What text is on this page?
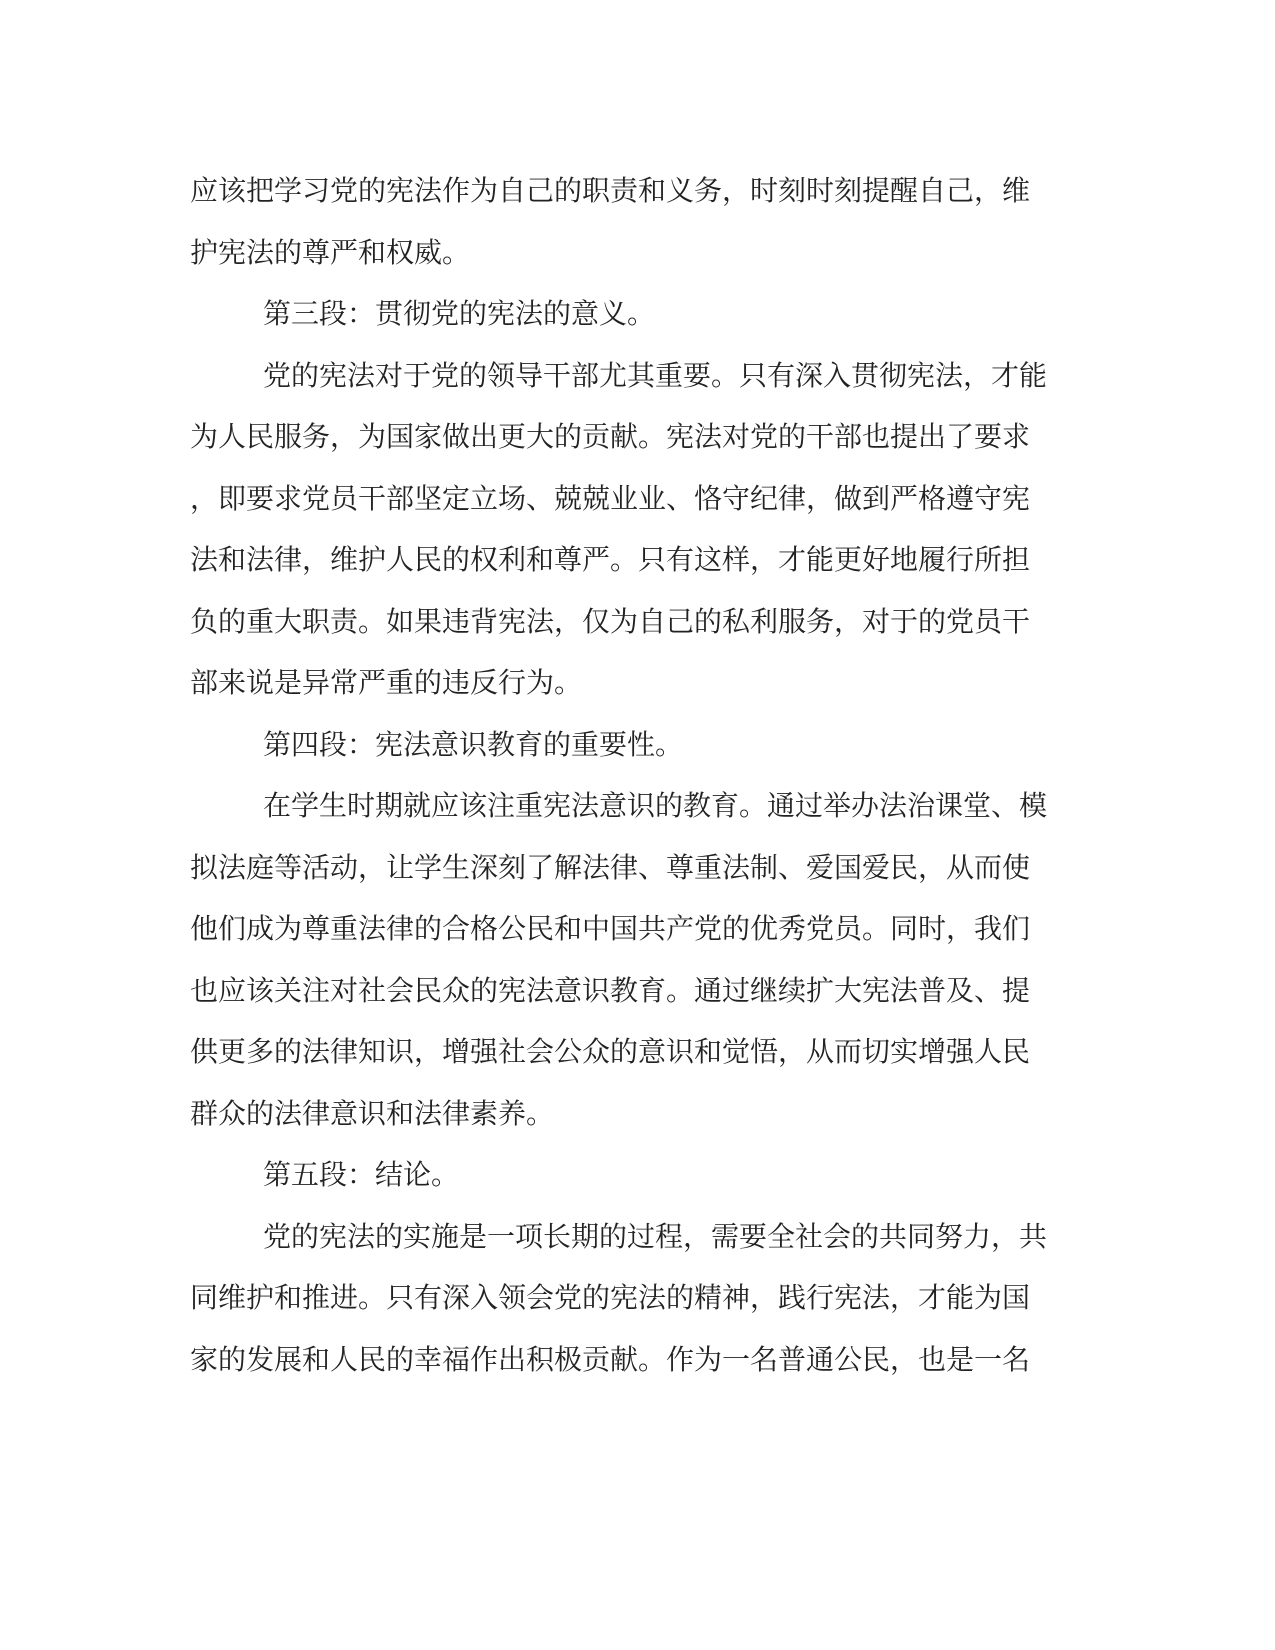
应该把学习党的宪法作为自己的职责和义务，时刻时刻提醒自己，维
护宪法的尊严和权威。
第三段：贯彻党的宪法的意义。
党的宪法对于党的领导干部尤其重要。只有深入贯彻宪法，才能
为人民服务，为国家做出更大的贡献。宪法对党的干部也提出了要求
，即要求党员干部坚定立场、兢兢业业、恪守纪律，做到严格遵守宪
法和法律，维护人民的权利和尊严。只有这样，才能更好地履行所担
负的重大职责。如果违背宪法，仅为自己的私利服务，对于的党员干
部来说是异常严重的违反行为。
第四段：宪法意识教育的重要性。
在学生时期就应该注重宪法意识的教育。通过举办法治课堂、模
拟法庭等活动，让学生深刻了解法律、尊重法制、爱国爱民，从而使
他们成为尊重法律的合格公民和中国共产党的优秀党员。同时，我们
也应该关注对社会民众的宪法意识教育。通过继续扩大宪法普及、提
供更多的法律知识，增强社会公众的意识和觉悟，从而切实增强人民
群众的法律意识和法律素养。
第五段：结论。
党的宪法的实施是一项长期的过程，需要全社会的共同努力，共
同维护和推进。只有深入领会党的宪法的精神，践行宪法，才能为国
家的发展和人民的幸福作出积极贡献。作为一名普通公民，也是一名
